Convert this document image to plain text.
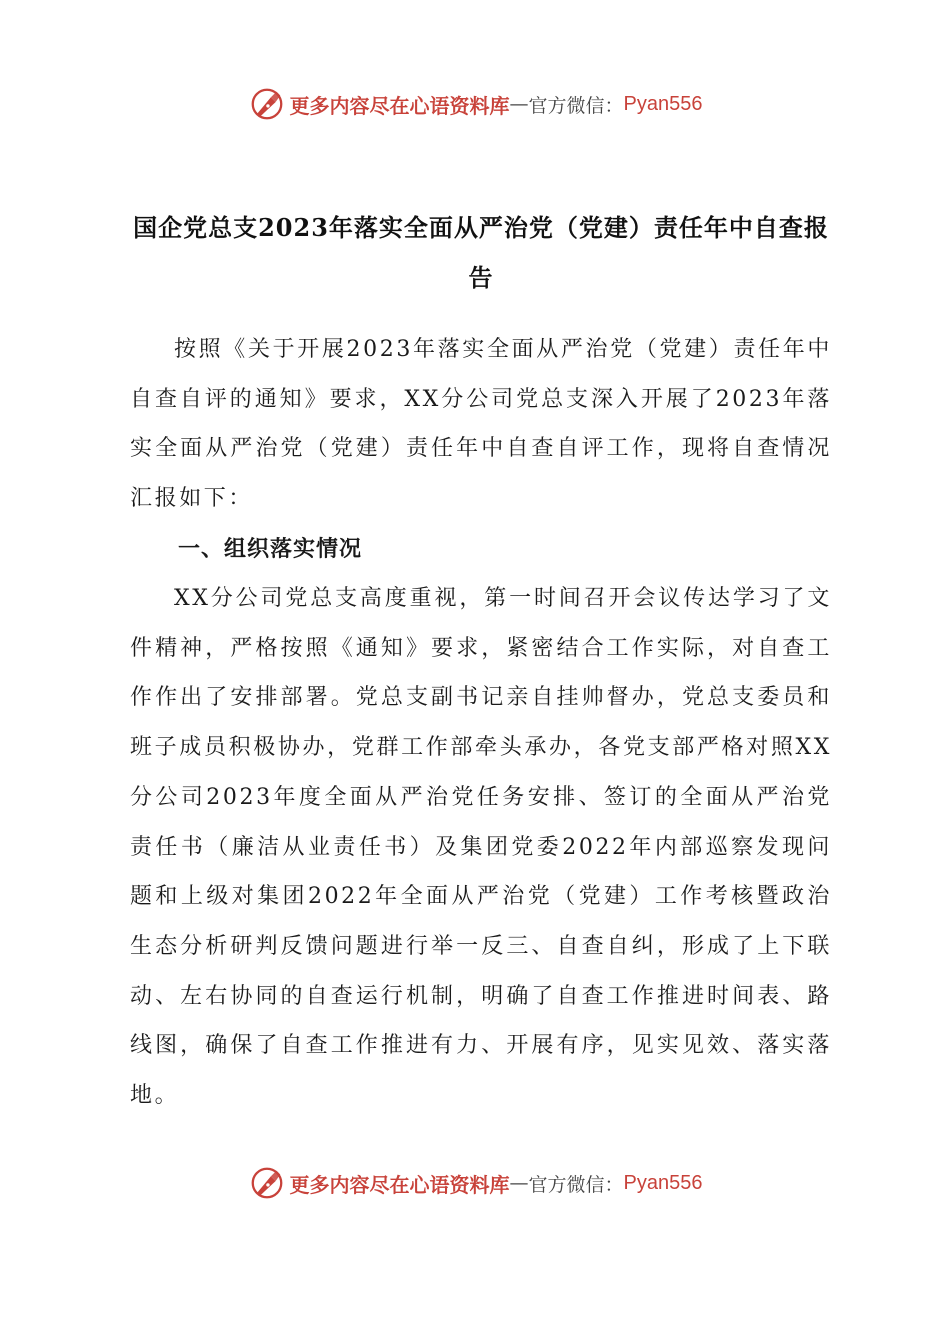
更多内容尽在心语资料库 — 官方微信： Pyan556
国企党总支2023年落实全面从严治党（党建）责任年中自查报告

按照《关于开展2023年落实全面从严治党（党建）责任年中自查自评的通知》要求，XX分公司党总支深入开展了2023年落实全面从严治党（党建）责任年中自查自评工作，现将自查情况汇报如下：

一、组织落实情况

XX分公司党总支高度重视，第一时间召开会议传达学习了文件精神，严格按照《通知》要求，紧密结合工作实际，对自查工作作出了安排部署。党总支副书记亲自挂帅督办，党总支委员和班子成员积极协办，党群工作部牵头承办，各党支部严格对照XX分公司2023年度全面从严治党任务安排、签订的全面从严治党责任书（廉洁从业责任书）及集团党委2022年内部巡察发现问题和上级对集团2022年全面从严治党（党建）工作考核暨政治生态分析研判反馈问题进行举一反三、自查自纠，形成了上下联动、左右协同的自查运行机制，明确了自查工作推进时间表、路线图，确保了自查工作推进有力、开展有序，见实见效、落实落地。

更多内容尽在心语资料库 — 官方微信： Pyan556
